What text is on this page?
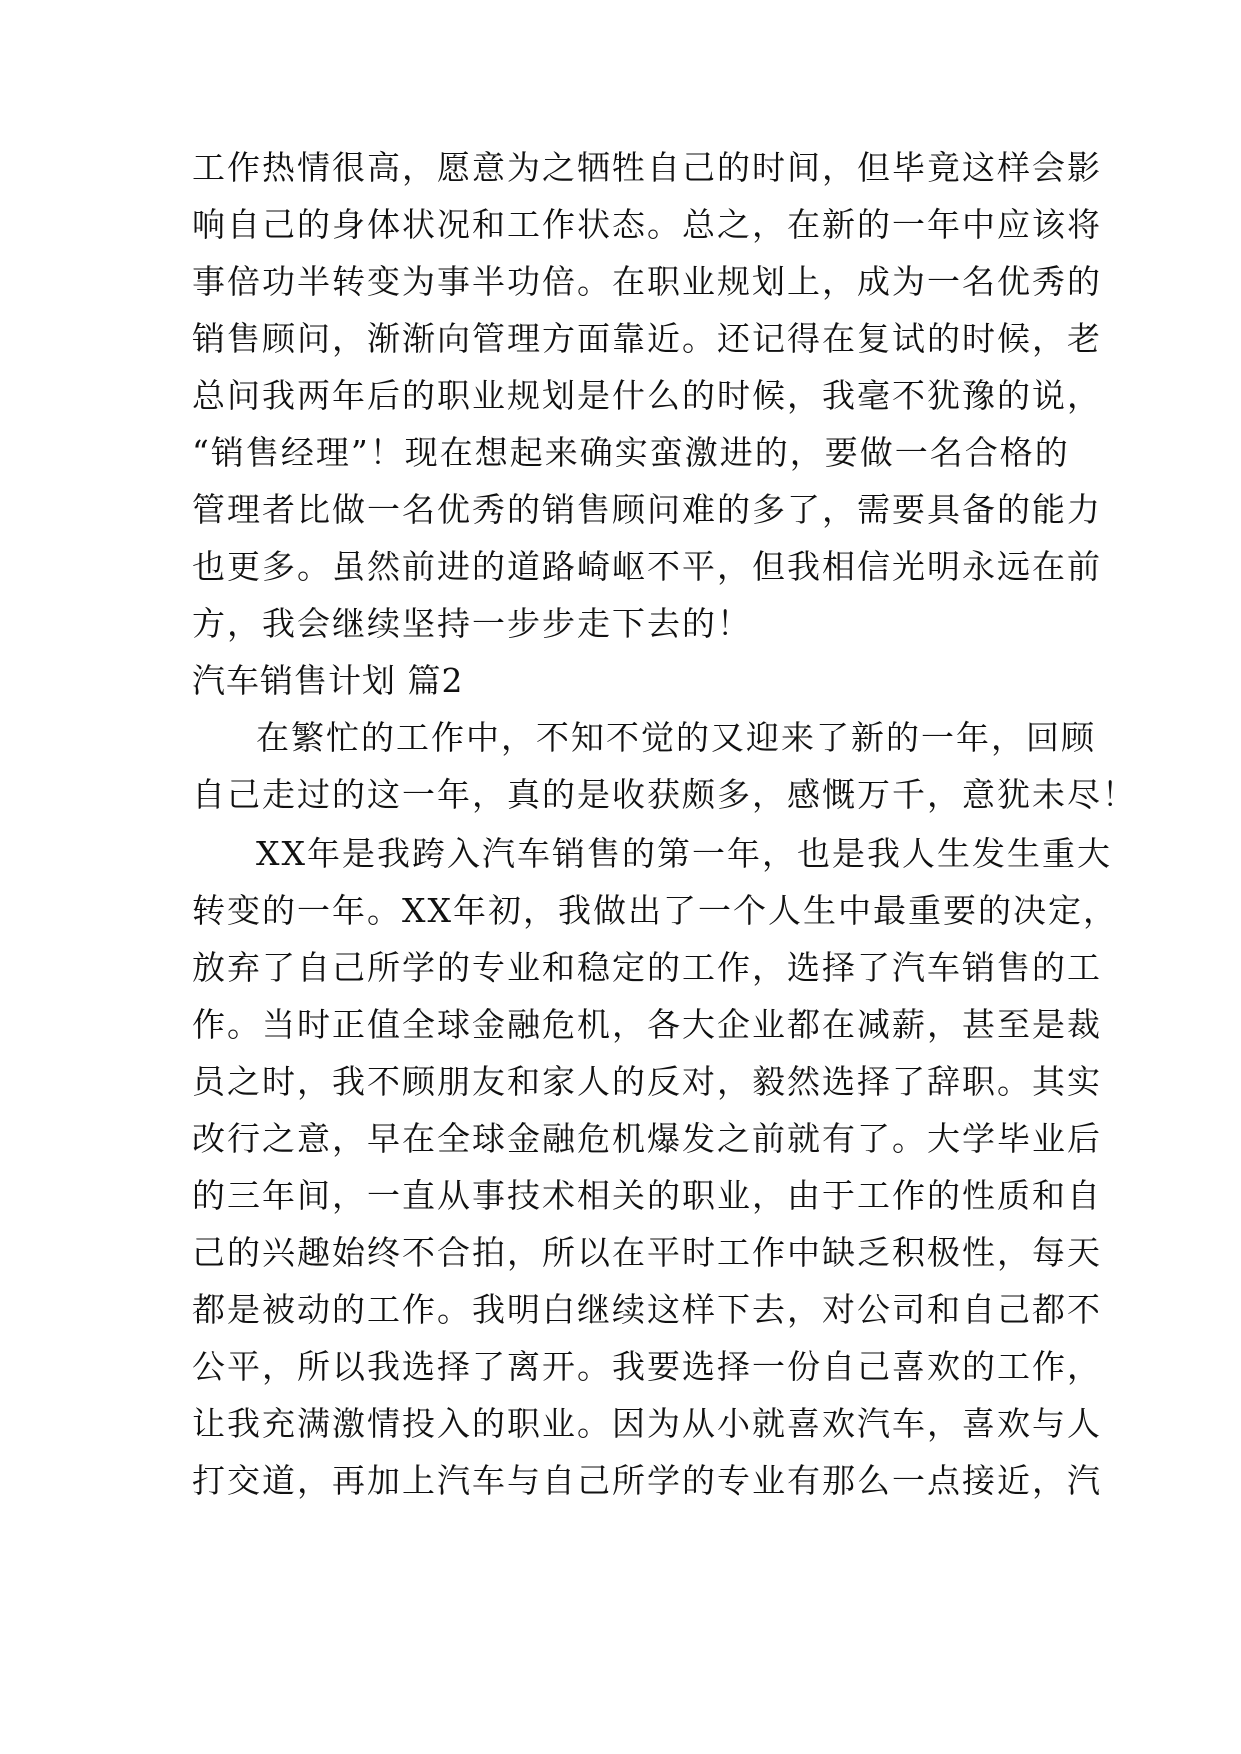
工作热情很高，愿意为之牺牲自己的时间，但毕竟这样会影
响自己的身体状况和工作状态。总之，在新的一年中应该将
事倍功半转变为事半功倍。在职业规划上，成为一名优秀的
销售顾问，渐渐向管理方面靠近。还记得在复试的时候，老
总问我两年后的职业规划是什么的时候，我毫不犹豫的说，
“销售经理”！现在想起来确实蛮激进的，要做一名合格的
管理者比做一名优秀的销售顾问难的多了，需要具备的能力
也更多。虽然前进的道路崎岖不平，但我相信光明永远在前
方，我会继续坚持一步步走下去的！
汽车销售计划 篇2
在繁忙的工作中，不知不觉的又迎来了新的一年，回顾
自己走过的这一年，真的是收获颇多，感慨万千，意犹未尽！
XX年是我跨入汽车销售的第一年，也是我人生发生重大
转变的一年。XX年初，我做出了一个人生中最重要的决定，
放弃了自己所学的专业和稳定的工作，选择了汽车销售的工
作。当时正值全球金融危机，各大企业都在减薪，甚至是裁
员之时，我不顾朋友和家人的反对，毅然选择了辞职。其实
改行之意，早在全球金融危机爆发之前就有了。大学毕业后
的三年间，一直从事技术相关的职业，由于工作的性质和自
己的兴趣始终不合拍，所以在平时工作中缺乏积极性，每天
都是被动的工作。我明白继续这样下去，对公司和自己都不
公平，所以我选择了离开。我要选择一份自己喜欢的工作，
让我充满激情投入的职业。因为从小就喜欢汽车，喜欢与人
打交道，再加上汽车与自己所学的专业有那么一点接近，汽
